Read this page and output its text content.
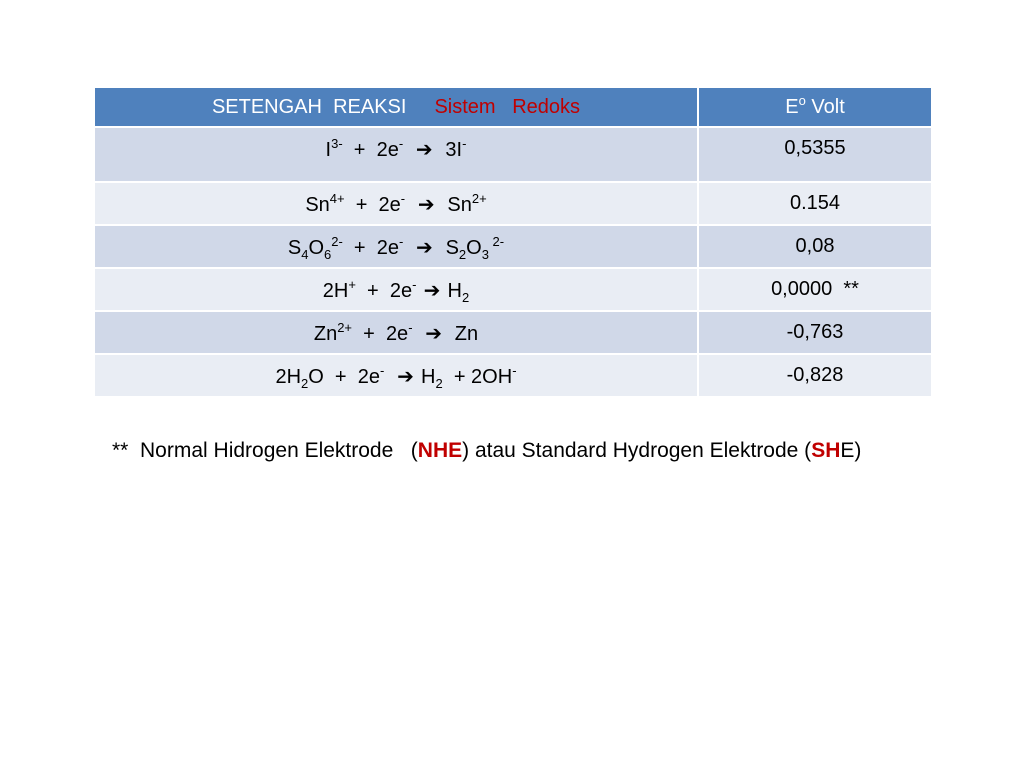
SETENGAH  REAKSI Sistem   Redoks	$E^o$ Volt
$I^{3-} + 2e^-$ ➔ 3I-	0,5355
$Sn^{4+} + 2e^-$ ➔ $Sn^{2+}$	0.154
$S_4O_6^{2-} + 2e^-$ ➔ $S_2O_3$ $^{2-}$	0,08
2H+  +  2e- ➔ $H_2$	0,0000  **
$Zn^{2+} + 2e^-$ ➔ Zn	-0,763
$2H_2O + 2e^-$ ➔ $H_2 + 2OH^-$	-0,828
**  Normal Hidrogen Elektrode   (NHE) atau Standard Hydrogen Elektrode (SHE)
